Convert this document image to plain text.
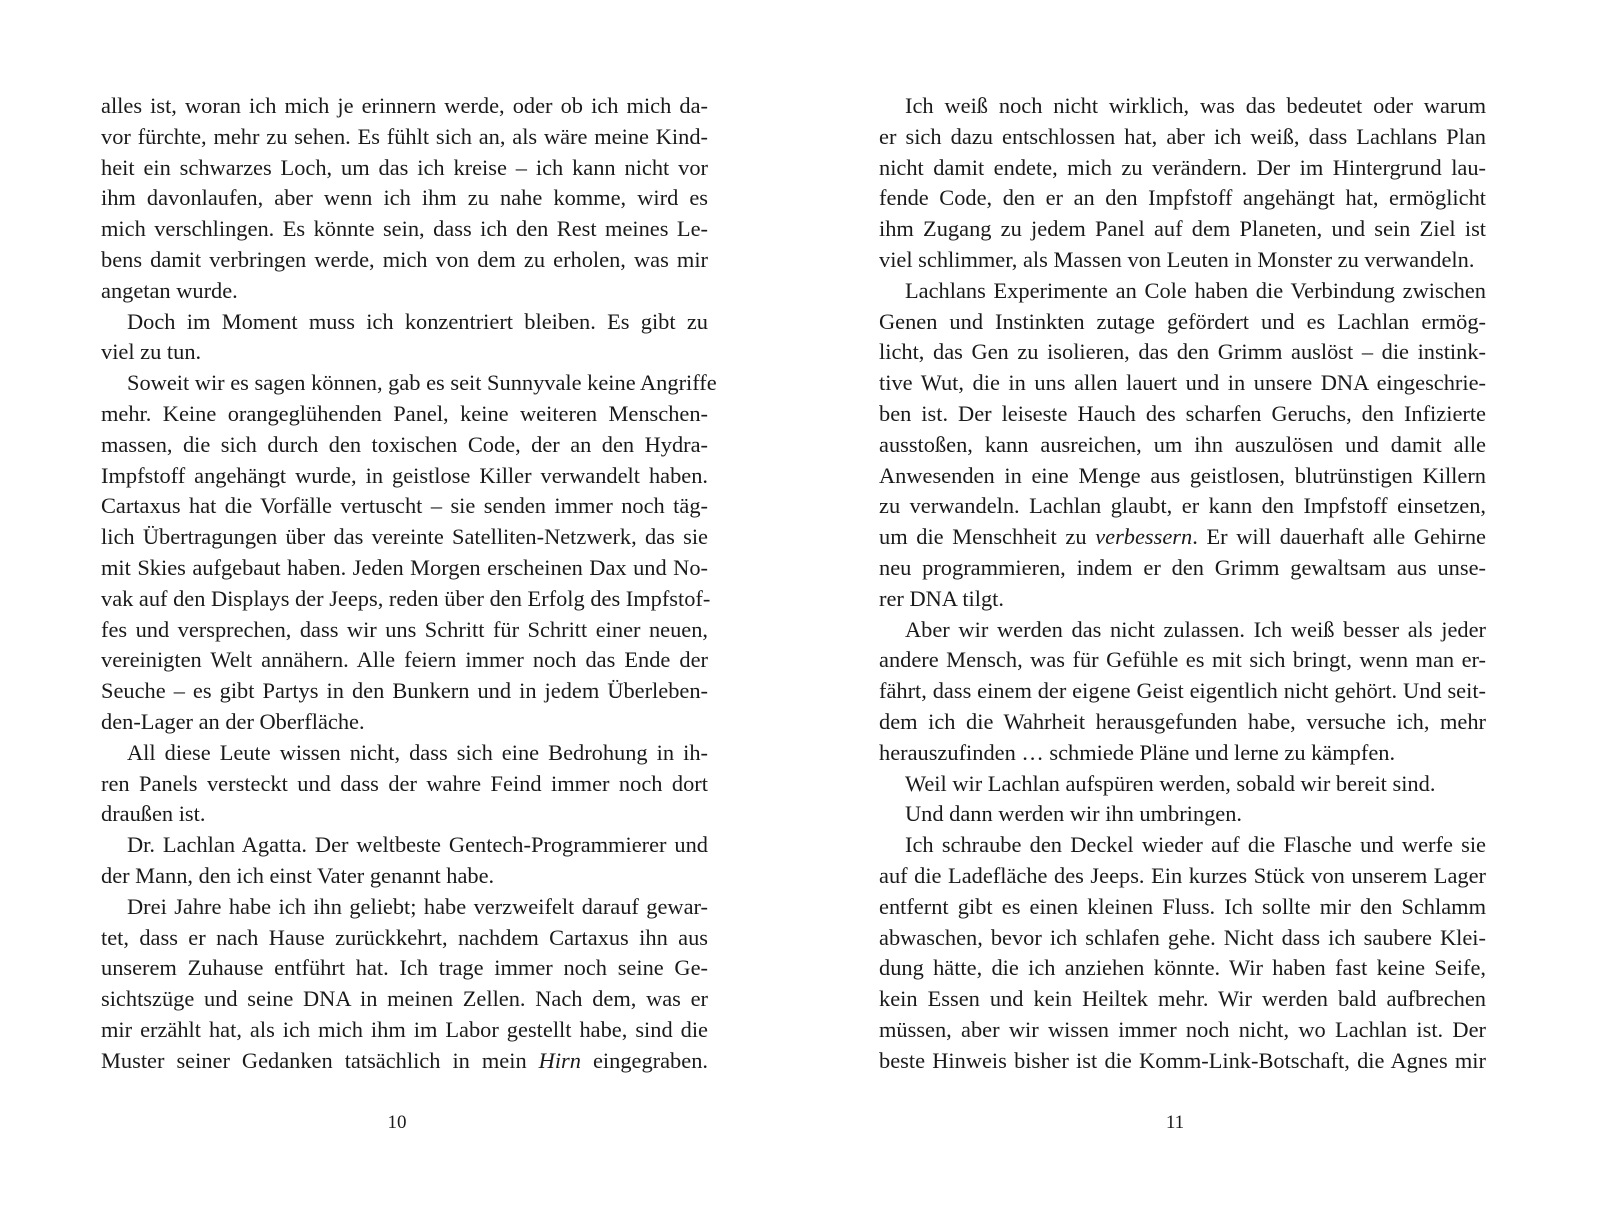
alles ist, woran ich mich je erinnern werde, oder ob ich mich da-
vor fürchte, mehr zu sehen. Es fühlt sich an, als wäre meine Kind-
heit ein schwarzes Loch, um das ich kreise – ich kann nicht vor
ihm davonlaufen, aber wenn ich ihm zu nahe komme, wird es
mich verschlingen. Es könnte sein, dass ich den Rest meines Le-
bens damit verbringen werde, mich von dem zu erholen, was mir
angetan wurde.
Doch im Moment muss ich konzentriert bleiben. Es gibt zu
viel zu tun.
Soweit wir es sagen können, gab es seit Sunnyvale keine Angriffe
mehr. Keine orangeglühenden Panel, keine weiteren Menschen-
massen, die sich durch den toxischen Code, der an den Hydra-
Impfstoff angehängt wurde, in geistlose Killer verwandelt haben.
Cartaxus hat die Vorfälle vertuscht – sie senden immer noch täg-
lich Übertragungen über das vereinte Satelliten-Netzwerk, das sie
mit Skies aufgebaut haben. Jeden Morgen erscheinen Dax und No-
vak auf den Displays der Jeeps, reden über den Erfolg des Impfstof-
fes und versprechen, dass wir uns Schritt für Schritt einer neuen,
vereinigten Welt annähern. Alle feiern immer noch das Ende der
Seuche – es gibt Partys in den Bunkern und in jedem Überleben-
den-Lager an der Oberfläche.
All diese Leute wissen nicht, dass sich eine Bedrohung in ih-
ren Panels versteckt und dass der wahre Feind immer noch dort
draußen ist.
Dr. Lachlan Agatta. Der weltbeste Gentech-Programmierer und
der Mann, den ich einst Vater genannt habe.
Drei Jahre habe ich ihn geliebt; habe verzweifelt darauf gewar-
tet, dass er nach Hause zurückkehrt, nachdem Cartaxus ihn aus
unserem Zuhause entführt hat. Ich trage immer noch seine Ge-
sichtszüge und seine DNA in meinen Zellen. Nach dem, was er
mir erzählt hat, als ich mich ihm im Labor gestellt habe, sind die
Muster seiner Gedanken tatsächlich in mein Hirn eingegraben.
10
Ich weiß noch nicht wirklich, was das bedeutet oder warum
er sich dazu entschlossen hat, aber ich weiß, dass Lachlans Plan
nicht damit endete, mich zu verändern. Der im Hintergrund lau-
fende Code, den er an den Impfstoff angehängt hat, ermöglicht
ihm Zugang zu jedem Panel auf dem Planeten, und sein Ziel ist
viel schlimmer, als Massen von Leuten in Monster zu verwandeln.
Lachlans Experimente an Cole haben die Verbindung zwischen
Genen und Instinkten zutage gefördert und es Lachlan ermög-
licht, das Gen zu isolieren, das den Grimm auslöst – die instink-
tive Wut, die in uns allen lauert und in unsere DNA eingeschrie-
ben ist. Der leiseste Hauch des scharfen Geruchs, den Infizierte
ausstoßen, kann ausreichen, um ihn auszulösen und damit alle
Anwesenden in eine Menge aus geistlosen, blutrünstigen Killern
zu verwandeln. Lachlan glaubt, er kann den Impfstoff einsetzen,
um die Menschheit zu verbessern. Er will dauerhaft alle Gehirne
neu programmieren, indem er den Grimm gewaltsam aus unse-
rer DNA tilgt.
Aber wir werden das nicht zulassen. Ich weiß besser als jeder
andere Mensch, was für Gefühle es mit sich bringt, wenn man er-
fährt, dass einem der eigene Geist eigentlich nicht gehört. Und seit-
dem ich die Wahrheit herausgefunden habe, versuche ich, mehr
herauszufinden … schmiede Pläne und lerne zu kämpfen.
Weil wir Lachlan aufspüren werden, sobald wir bereit sind.
Und dann werden wir ihn umbringen.
Ich schraube den Deckel wieder auf die Flasche und werfe sie
auf die Ladefläche des Jeeps. Ein kurzes Stück von unserem Lager
entfernt gibt es einen kleinen Fluss. Ich sollte mir den Schlamm
abwaschen, bevor ich schlafen gehe. Nicht dass ich saubere Klei-
dung hätte, die ich anziehen könnte. Wir haben fast keine Seife,
kein Essen und kein Heiltek mehr. Wir werden bald aufbrechen
müssen, aber wir wissen immer noch nicht, wo Lachlan ist. Der
beste Hinweis bisher ist die Komm-Link-Botschaft, die Agnes mir
11
